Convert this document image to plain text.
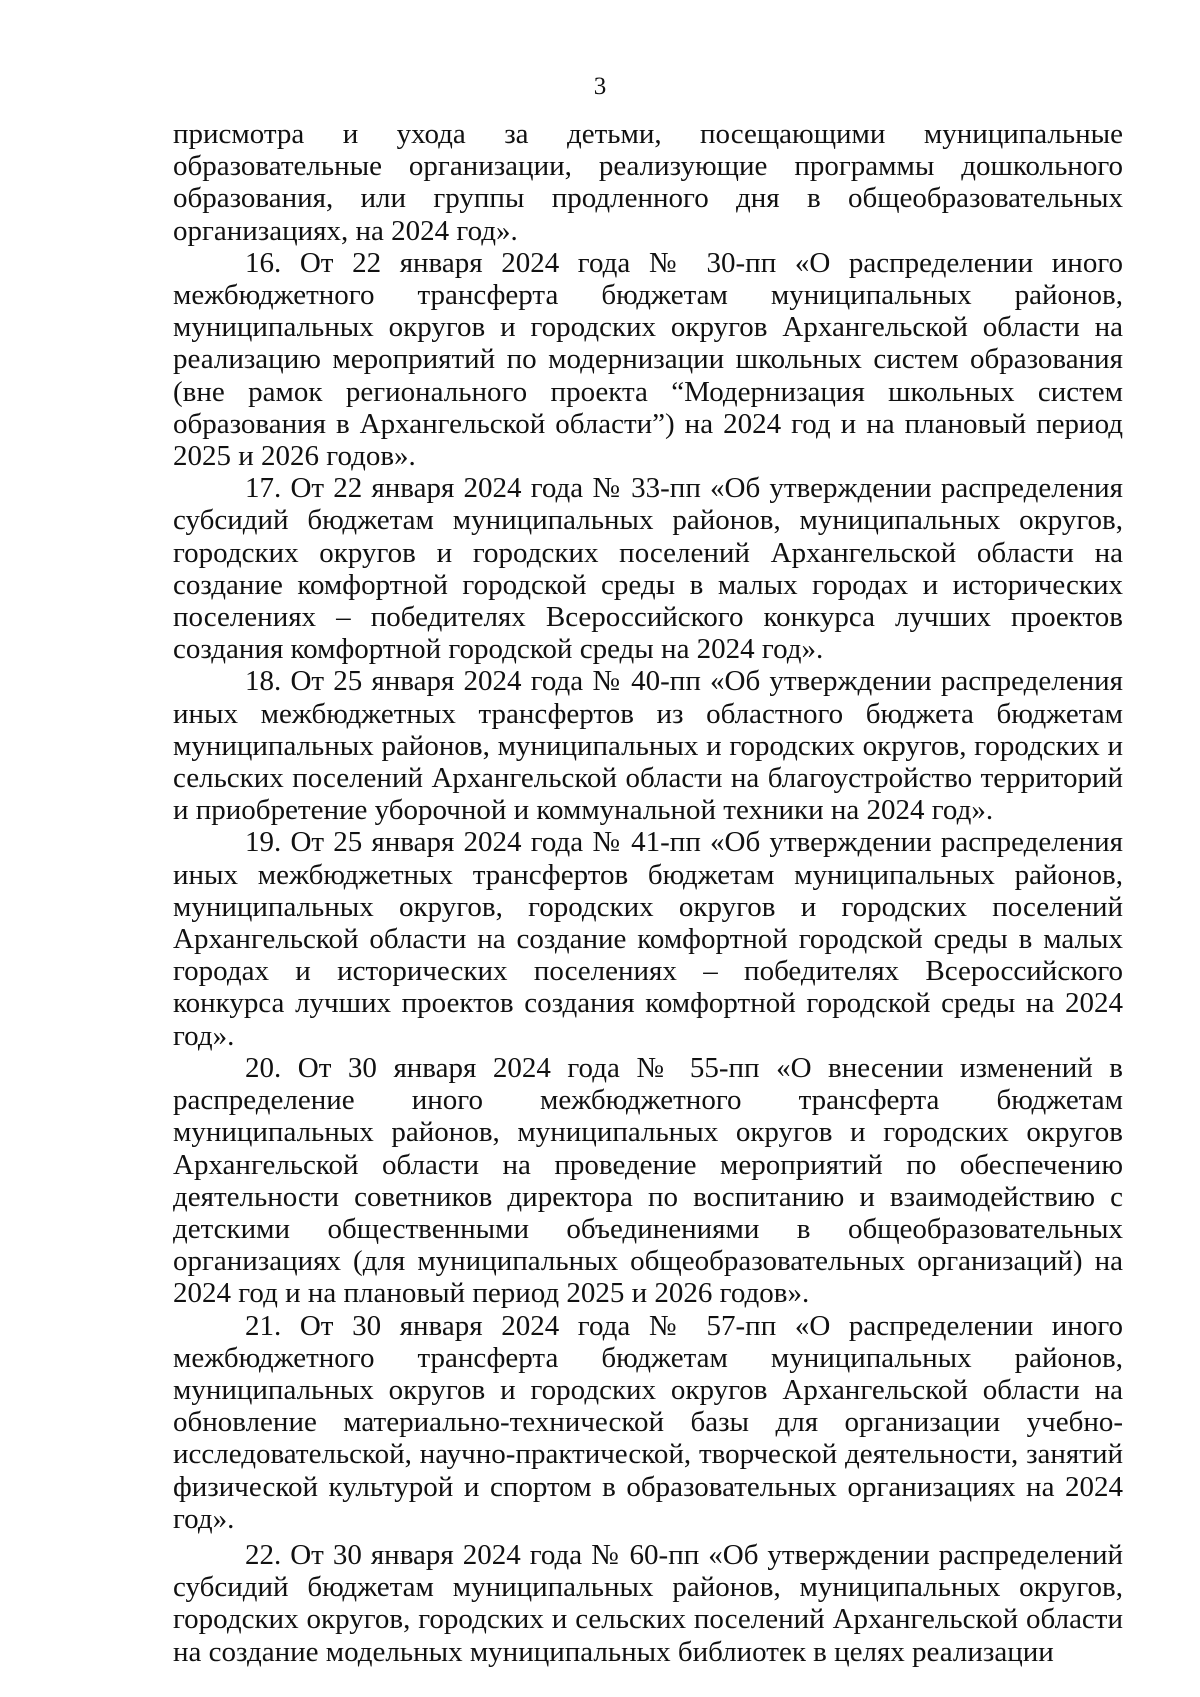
3

присмотра и ухода за детьми, посещающими муниципальные образовательные организации, реализующие программы дошкольного образования, или группы продленного дня в общеобразовательных организациях, на 2024 год».

16. От 22 января 2024 года № 30-пп «О распределении иного межбюджетного трансферта бюджетам муниципальных районов, муниципальных округов и городских округов Архангельской области на реализацию мероприятий по модернизации школьных систем образования (вне рамок регионального проекта “Модернизация школьных систем образования в Архангельской области”) на 2024 год и на плановый период 2025 и 2026 годов».

17. От 22 января 2024 года № 33-пп «Об утверждении распределения субсидий бюджетам муниципальных районов, муниципальных округов, городских округов и городских поселений Архангельской области на создание комфортной городской среды в малых городах и исторических поселениях – победителях Всероссийского конкурса лучших проектов создания комфортной городской среды на 2024 год».

18. От 25 января 2024 года № 40-пп «Об утверждении распределения иных межбюджетных трансфертов из областного бюджета бюджетам муниципальных районов, муниципальных и городских округов, городских и сельских поселений Архангельской области на благоустройство территорий и приобретение уборочной и коммунальной техники на 2024 год».

19. От 25 января 2024 года № 41-пп «Об утверждении распределения иных межбюджетных трансфертов бюджетам муниципальных районов, муниципальных округов, городских округов и городских поселений Архангельской области на создание комфортной городской среды в малых городах и исторических поселениях – победителях Всероссийского конкурса лучших проектов создания комфортной городской среды на 2024 год».

20. От 30 января 2024 года № 55-пп «О внесении изменений в распределение иного межбюджетного трансферта бюджетам муниципальных районов, муниципальных округов и городских округов Архангельской области на проведение мероприятий по обеспечению деятельности советников директора по воспитанию и взаимодействию с детскими общественными объединениями в общеобразовательных организациях (для муниципальных общеобразовательных организаций) на 2024 год и на плановый период 2025 и 2026 годов».

21. От 30 января 2024 года № 57-пп «О распределении иного межбюджетного трансферта бюджетам муниципальных районов, муниципальных округов и городских округов Архангельской области на обновление материально-технической базы для организации учебно-исследовательской, научно-практической, творческой деятельности, занятий физической культурой и спортом в образовательных организациях на 2024 год».

22. От 30 января 2024 года № 60-пп «Об утверждении распределений субсидий бюджетам муниципальных районов, муниципальных округов, городских округов, городских и сельских поселений Архангельской области на создание модельных муниципальных библиотек в целях реализации
